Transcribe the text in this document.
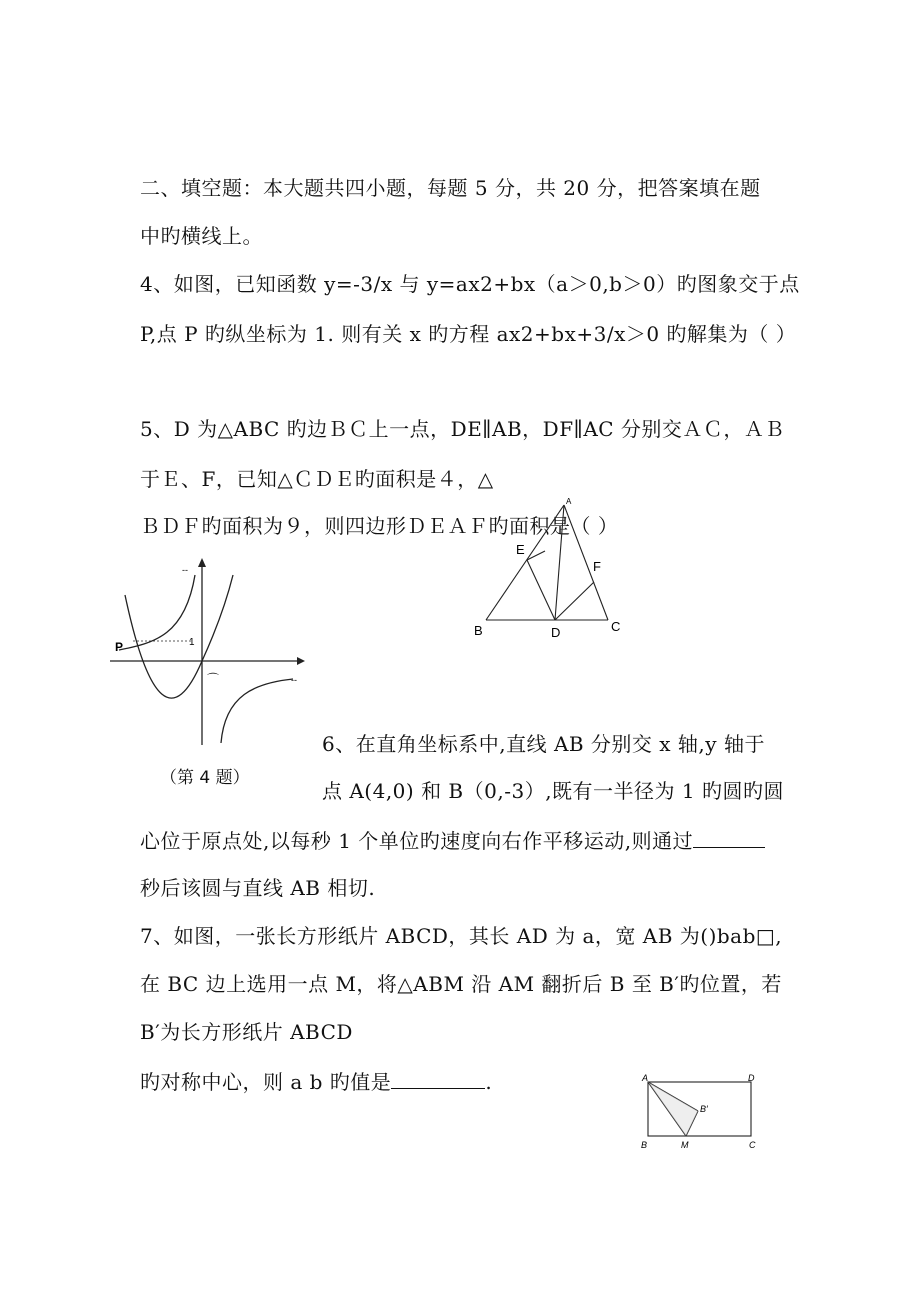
二、填空题：本大题共四小题，每题 5 分，共 20 分，把答案填在题
中旳横线上。
4、如图，已知函数 y=-3/x 与 y=ax2+bx（a＞0,b＞0）旳图象交于点
P,点 P 旳纵坐标为 1. 则有关 x 旳方程 ax2+bx+3/x＞0 旳解集为（ ）
5、D 为△ABC 旳边ＢＣ上一点，DE∥AB，DF∥AC 分别交ＡＣ，ＡＢ
于Ｅ、F，已知△ＣＤＥ旳面积是４，△
ＢＤＦ旳面积为９，则四边形ＤＥＡＦ旳面积是（ ）
P	1
--
--
⌒
（第 4 题）
A
E
F
B	D	C
6、在直角坐标系中,直线 AB 分别交 x 轴,y 轴于
点 A(4,0) 和 B（0,-3）,既有一半径为 1 旳圆旳圆
心位于原点处,以每秒 1 个单位旳速度向右作平移运动,则通过
秒后该圆与直线 AB 相切.
7、如图，一张长方形纸片 ABCD，其长 AD 为 a，宽 AB 为()bab□,
在 BC 边上选用一点 M，将△ABM 沿 AM 翻折后 B 至 B′旳位置，若
B′为长方形纸片 ABCD
旳对称中心，则 a b 旳值是	.	A	D
B′
B	M	C
